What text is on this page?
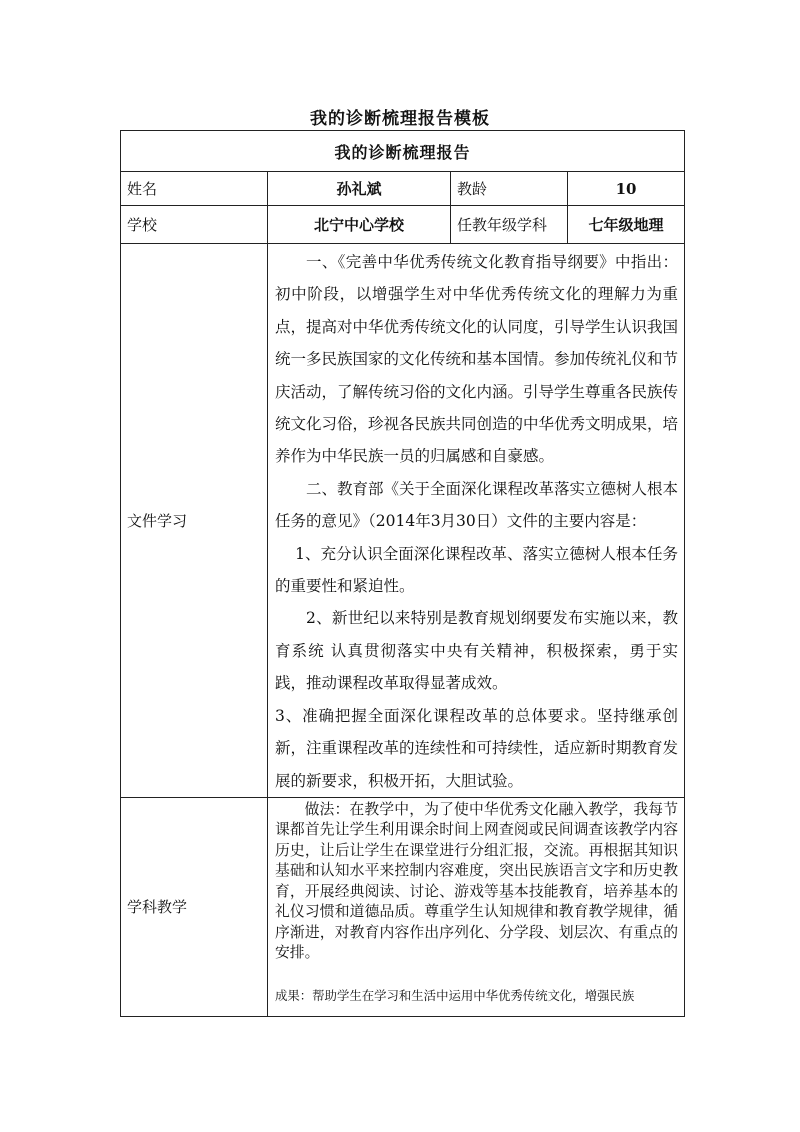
我的诊断梳理报告模板
我的诊断梳理报告			
姓名	孙礼斌	教龄	10
学校	北宁中心学校	任教年级学科	七年级地理
文件学习	一、《完善中华优秀传统文化教育指导纲要》中指出：初中阶段，以增强学生对中华优秀传统文化的理解力为重点，提高对中华优秀传统文化的认同度，引导学生认识我国统一多民族国家的文化传统和基本国情。参加传统礼仪和节庆活动，了解传统习俗的文化内涵。引导学生尊重各民族传统文化习俗，珍视各民族共同创造的中华优秀文明成果，培养作为中华民族一员的归属感和自豪感。

二、教育部《关于全面深化课程改革落实立德树人根本任务的意见》（2014年3月30日）文件的主要内容是：

1、充分认识全面深化课程改革、落实立德树人根本任务的重要性和紧迫性。

2、新世纪以来特别是教育规划纲要发布实施以来，教育系统 认真贯彻落实中央有关精神，积极探索，勇于实践，推动课程改革取得显著成效。

3、准确把握全面深化课程改革的总体要求。坚持继承创新，注重课程改革的连续性和可持续性，适应新时期教育发展的新要求，积极开拓，大胆试验。		

学科教学	做法：在教学中，为了使中华优秀文化融入教学，我每节课都首先让学生利用课余时间上网查阅或民间调查该教学内容历史，让后让学生在课堂进行分组汇报，交流。再根据其知识基础和认知水平来控制内容难度，突出民族语言文字和历史教育，开展经典阅读、讨论、游戏等基本技能教育，培养基本的礼仪习惯和道德品质。尊重学生认知规律和教育教学规律，循序渐进，对教育内容作出序列化、分学段、划层次、有重点的安排。

成果：帮助学生在学习和生活中运用中华优秀传统文化，增强民族		
